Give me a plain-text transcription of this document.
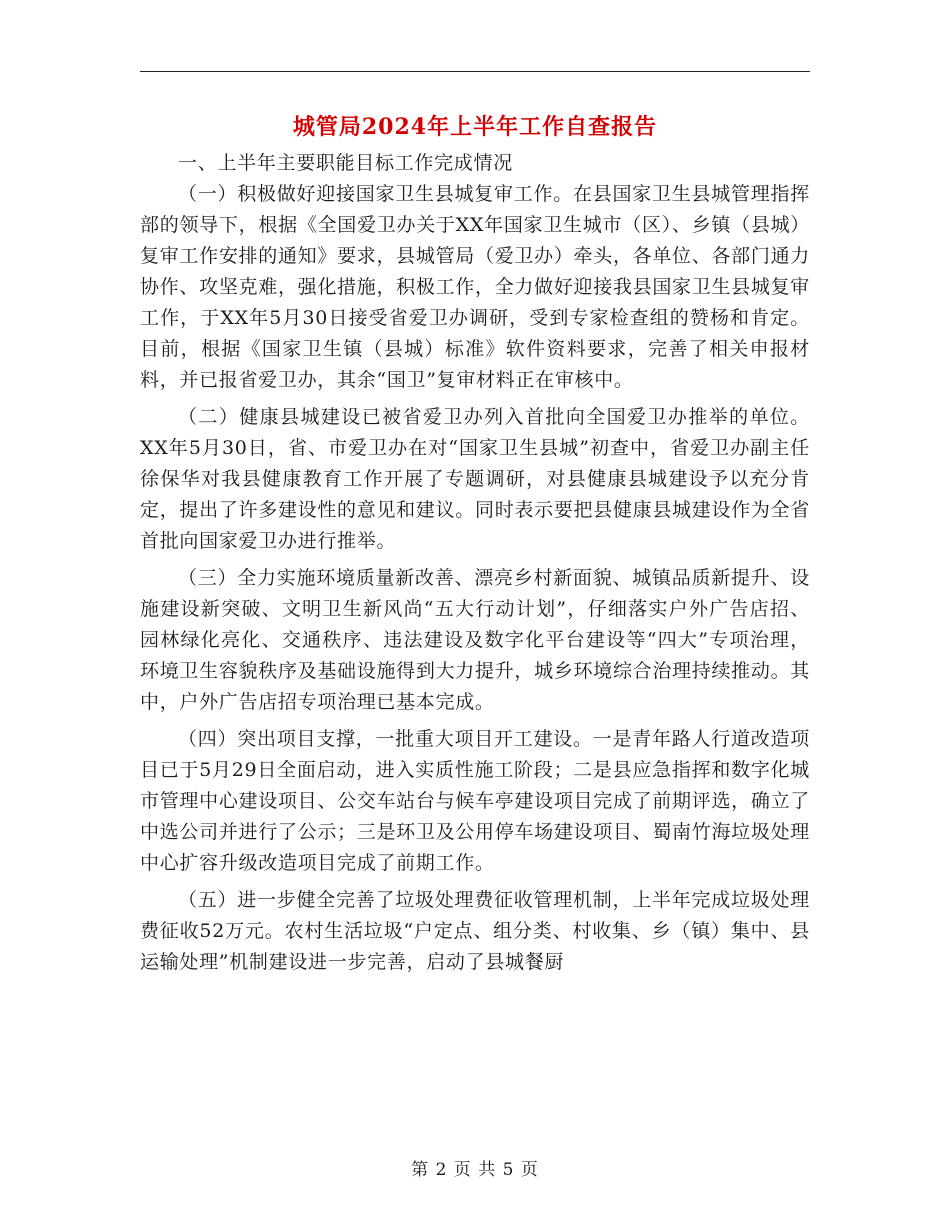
城管局2024年上半年工作自查报告

一、上半年主要职能目标工作完成情况

（一）积极做好迎接国家卫生县城复审工作。在县国家卫生县城管理指挥部的领导下，根据《全国爱卫办关于XX年国家卫生城市（区）、乡镇（县城）复审工作安排的通知》要求，县城管局（爱卫办）牵头，各单位、各部门通力协作、攻坚克难，强化措施，积极工作，全力做好迎接我县国家卫生县城复审工作，于XX年5月30日接受省爱卫办调研，受到专家检查组的赞杨和肯定。目前，根据《国家卫生镇（县城）标准》软件资料要求，完善了相关申报材料，并已报省爱卫办，其余“国卫”复审材料正在审核中。

（二）健康县城建设已被省爱卫办列入首批向全国爱卫办推举的单位。XX年5月30日，省、市爱卫办在对“国家卫生县城”初查中，省爱卫办副主任徐保华对我县健康教育工作开展了专题调研，对县健康县城建设予以充分肯定，提出了许多建设性的意见和建议。同时表示要把县健康县城建设作为全省首批向国家爱卫办进行推举。

（三）全力实施环境质量新改善、漂亮乡村新面貌、城镇品质新提升、设施建设新突破、文明卫生新风尚“五大行动计划”，仔细落实户外广告店招、园林绿化亮化、交通秩序、违法建设及数字化平台建设等“四大”专项治理，环境卫生容貌秩序及基础设施得到大力提升，城乡环境综合治理持续推动。其中，户外广告店招专项治理已基本完成。

（四）突出项目支撑，一批重大项目开工建设。一是青年路人行道改造项目已于5月29日全面启动，进入实质性施工阶段；二是县应急指挥和数字化城市管理中心建设项目、公交车站台与候车亭建设项目完成了前期评选，确立了中选公司并进行了公示；三是环卫及公用停车场建设项目、蜀南竹海垃圾处理中心扩容升级改造项目完成了前期工作。

（五）进一步健全完善了垃圾处理费征收管理机制，上半年完成垃圾处理费征收52万元。农村生活垃圾“户定点、组分类、村收集、乡（镇）集中、县运输处理”机制建设进一步完善，启动了县城餐厨

第 2 页 共 5 页
